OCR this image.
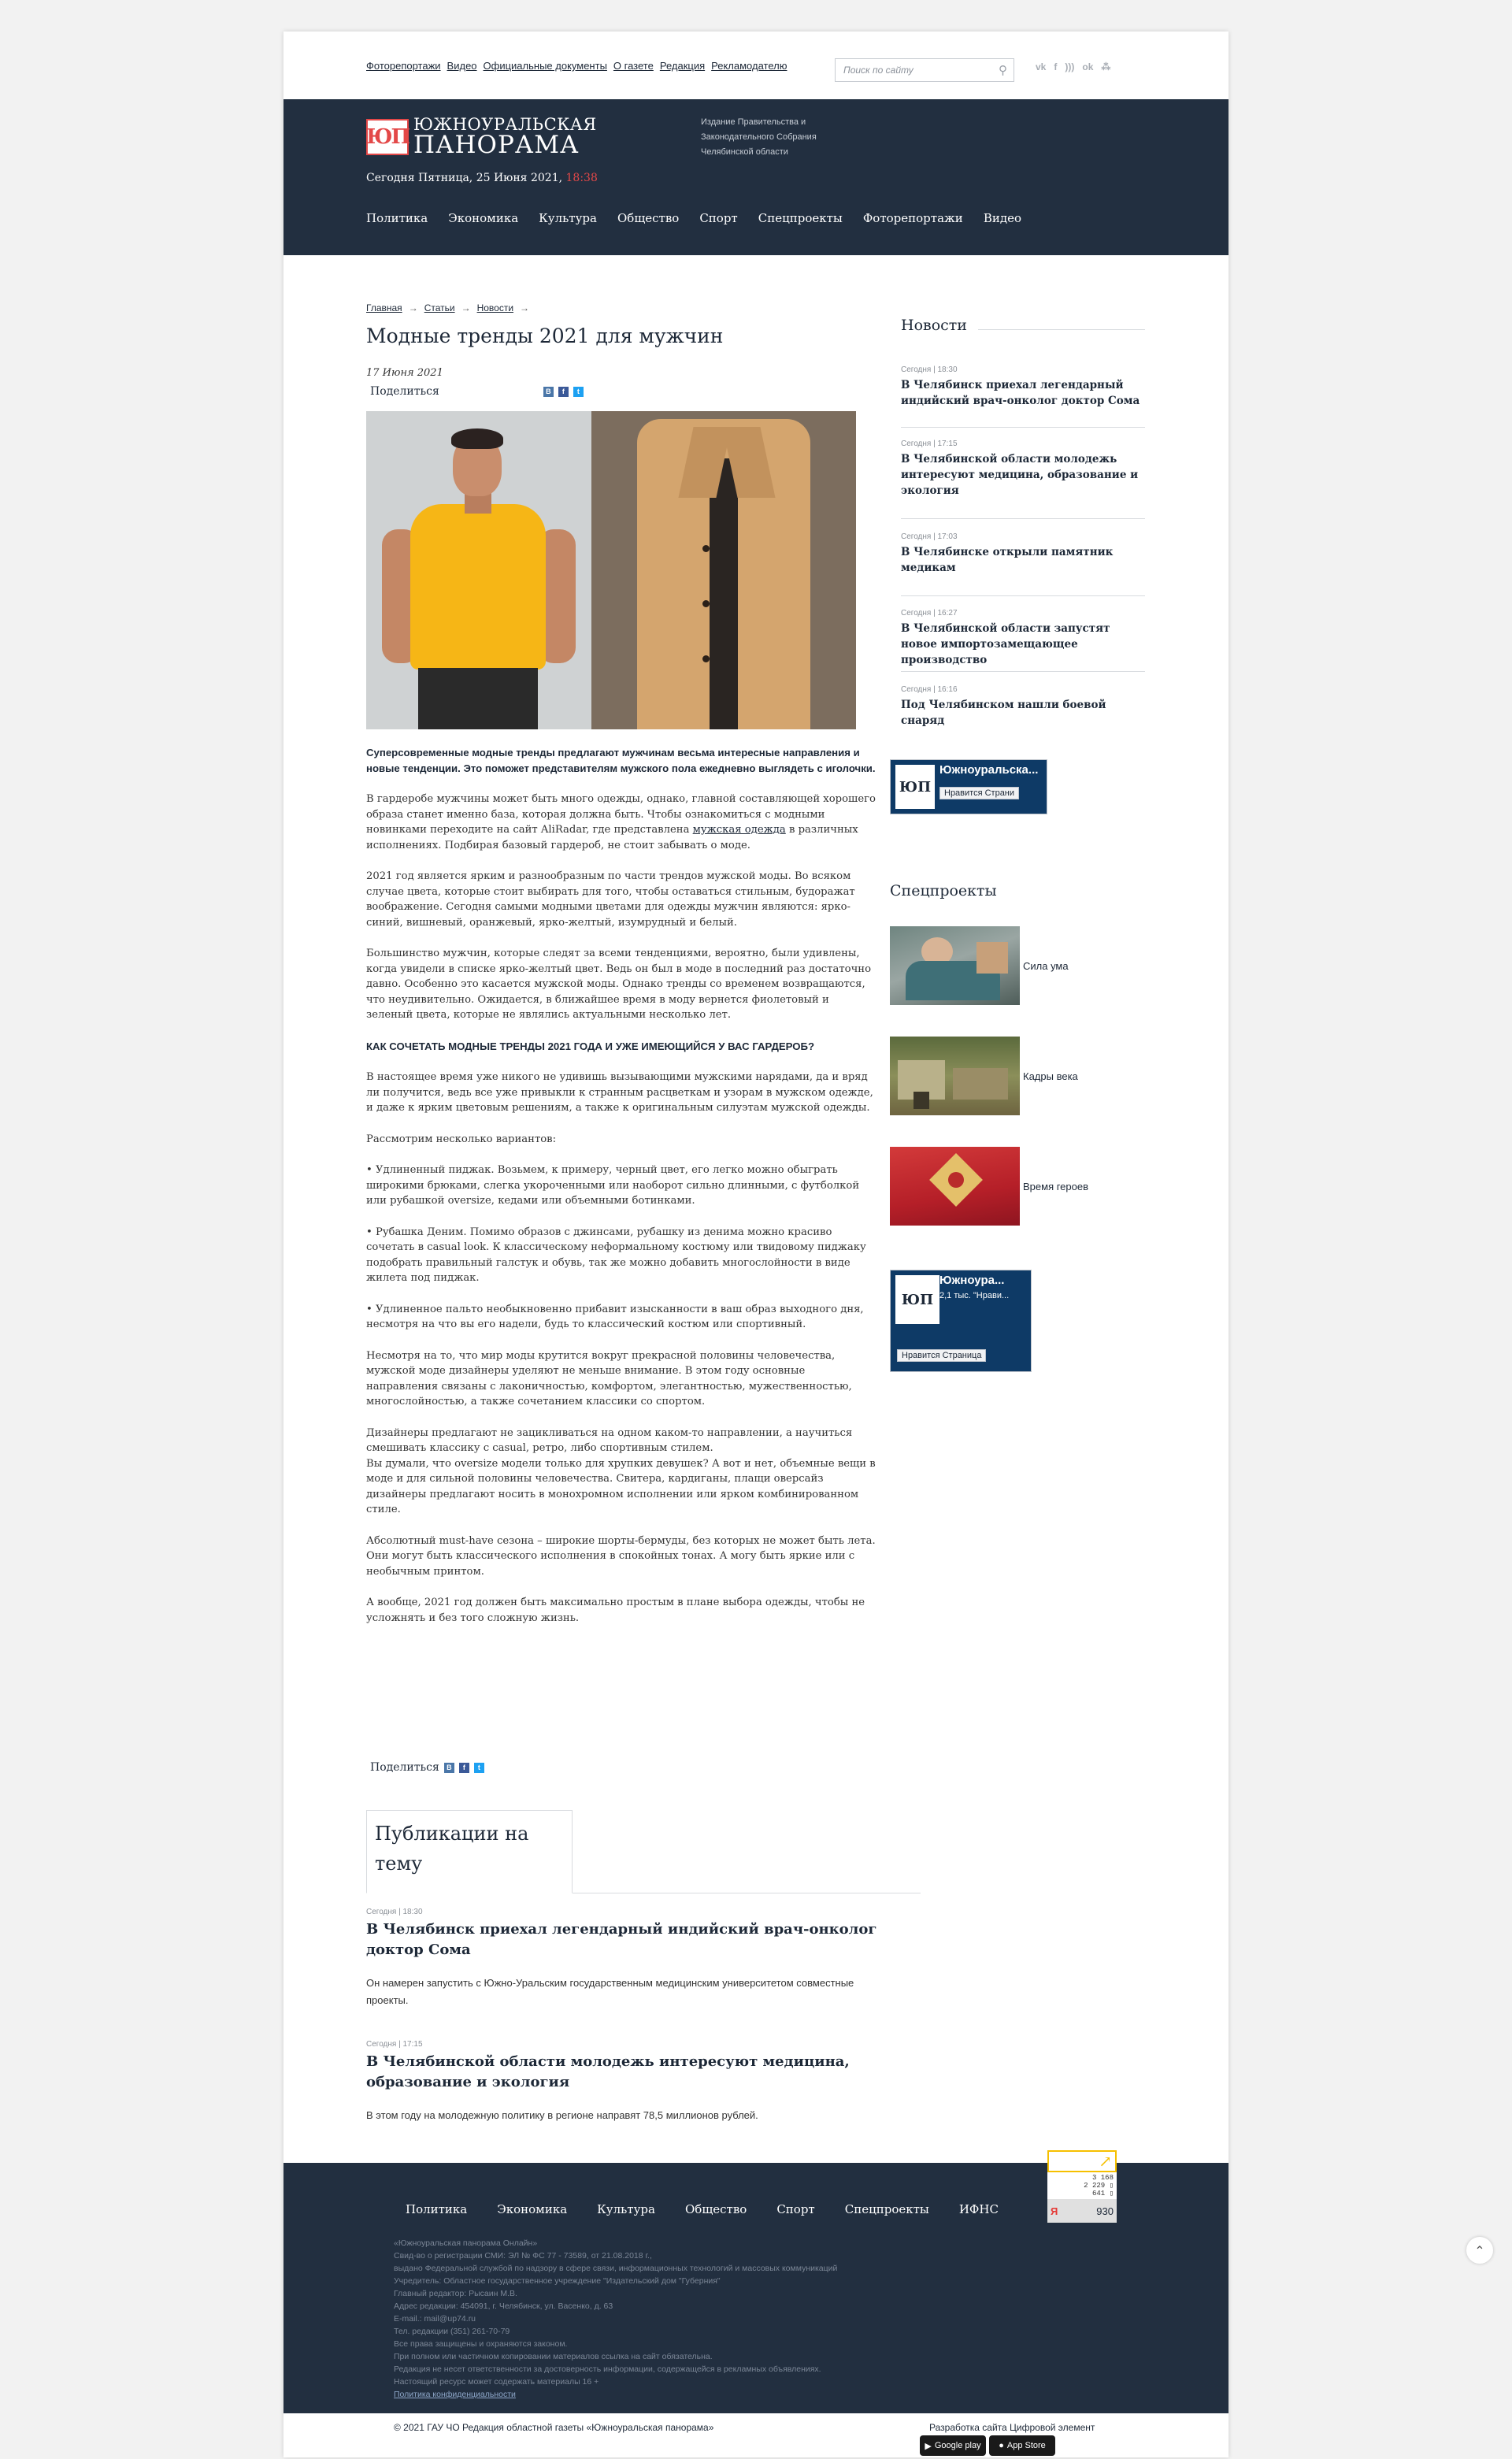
Фоторепортажи Видео Официальные документы О газете Редакция Рекламодателю	Поиск по сайту	⚲	vk f ))) ok ⁂
ЮП
ЮЖНОУРАЛЬСКАЯ
ПАНОРАМА
Издание Правительства и Законодательного Собрания Челябинской области
Сегодня Пятница, 25 Июня 2021, 18:38
Политика Экономика Культура Общество Спорт Спецпроекты Фоторепортажи Видео
Главная → Статьи → Новости →
Модные тренды 2021 для мужчин
17 Июня 2021
Поделиться	B	f	t

Суперсовременные модные тренды предлагают мужчинам весьма интересные направления и новые тенденции. Это поможет представителям мужского пола ежедневно выглядеть с иголочки.

В гардеробе мужчины может быть много одежды, однако, главной составляющей хорошего образа станет именно база, которая должна быть. Чтобы ознакомиться с модными новинками переходите на сайт AliRadar, где представлена мужская одежда в различных исполнениях. Подбирая базовый гардероб, не стоит забывать о моде.

2021 год является ярким и разнообразным по части трендов мужской моды. Во всяком случае цвета, которые стоит выбирать для того, чтобы оставаться стильным, будоражат воображение. Сегодня самыми модными цветами для одежды мужчин являются: ярко-синий, вишневый, оранжевый, ярко-желтый, изумрудный и белый.

Большинство мужчин, которые следят за всеми тенденциями, вероятно, были удивлены, когда увидели в списке ярко-желтый цвет. Ведь он был в моде в последний раз достаточно давно. Особенно это касается мужской моды. Однако тренды со временем возвращаются, что неудивительно. Ожидается, в ближайшее время в моду вернется фиолетовый и зеленый цвета, которые не являлись актуальными несколько лет.

КАК СОЧЕТАТЬ МОДНЫЕ ТРЕНДЫ 2021 ГОДА И УЖЕ ИМЕЮЩИЙСЯ У ВАС ГАРДЕРОБ?

В настоящее время уже никого не удивишь вызывающими мужскими нарядами, да и вряд ли получится, ведь все уже привыкли к странным расцветкам и узорам в мужском одежде, и даже к ярким цветовым решениям, а также к оригинальным силуэтам мужской одежды.

Рассмотрим несколько вариантов:

• Удлиненный пиджак. Возьмем, к примеру, черный цвет, его легко можно обыграть широкими брюками, слегка укороченными или наоборот сильно длинными, с футболкой или рубашкой oversize, кедами или объемными ботинками.

• Рубашка Деним. Помимо образов с джинсами, рубашку из денима можно красиво сочетать в casual look. К классическому неформальному костюму или твидовому пиджаку подобрать правильный галстук и обувь, так же можно добавить многослойности в виде жилета под пиджак.

• Удлиненное пальто необыкновенно прибавит изысканности в ваш образ выходного дня, несмотря на что вы его надели, будь то классический костюм или спортивный.

Несмотря на то, что мир моды крутится вокруг прекрасной половины человечества, мужской моде дизайнеры уделяют не меньше внимание. В этом году основные направления связаны с лаконичностью, комфортом, элегантностью, мужественностью, многослойностью, а также сочетанием классики со спортом.

Дизайнеры предлагают не зацикливаться на одном каком-то направлении, а научиться смешивать классику с casual, ретро, либо спортивным стилем.
Вы думали, что oversize модели только для хрупких девушек? А вот и нет, объемные вещи в моде и для сильной половины человечества. Свитера, кардиганы, плащи оверсайз дизайнеры предлагают носить в монохромном исполнении или ярком комбинированном стиле.

Абсолютный must-have сезона – широкие шорты-бермуды, без которых не может быть лета. Они могут быть классического исполнения в спокойных тонах. А могу быть яркие или с необычным принтом.

А вообще, 2021 год должен быть максимально простым в плане выбора одежды, чтобы не усложнять и без того сложную жизнь.

Поделиться	B	f	t
Публикации на тему
Сегодня | 18:30
В Челябинск приехал легендарный индийский врач-онколог доктор Сома
Он намерен запустить с Южно-Уральским государственным медицинским университетом совместные проекты.
Сегодня | 17:15
В Челябинской области молодежь интересуют медицина, образование и экология
В этом году на молодежную политику в регионе направят 78,5 миллионов рублей.
Новости
Сегодня | 18:30
В Челябинск приехал легендарный индийский врач-онколог доктор Сома
Сегодня | 17:15
В Челябинской области молодежь интересуют медицина, образование и экология
Сегодня | 17:03
В Челябинске открыли памятник медикам
Сегодня | 16:27
В Челябинской области запустят новое импортозамещающее производство
Сегодня | 16:16
Под Челябинском нашли боевой снаряд
ЮП
Южноуральска...
Нравится Страни
Спецпроекты
Сила ума
Кадры века
Время героев
ЮП
Южноура...
2,1 тыс. "Нрави...
Нравится Страница
Политика	Экономика	Культура	Общество	Спорт	Спецпроекты	ИФНС
«Южноуральская панорама Онлайн»
Свид-во о регистрации СМИ: ЭЛ № ФС 77 - 73589, от 21.08.2018 г.,
выдано Федеральной службой по надзору в сфере связи, информационных технологий и массовых коммуникаций
Учредитель: Областное государственное учреждение "Издательский дом "Губерния"
Главный редактор: Рысаин М.В.
Адрес редакции: 454091, г. Челябинск, ул. Васенко, д. 63
E-mail.: mail@up74.ru
Тел. редакции (351) 261-70-79
Все права защищены и охраняются законом.
При полном или частичном копировании материалов ссылка на сайт обязательна.
Редакция не несет ответственности за достоверность информации, содержащейся в рекламных объявлениях.
Настоящий ресурс может содержать материалы 16 +
Политика конфиденциальности
↗
3 168
2 229 ▯
641 ▯
Я	930
© 2021 ГАУ ЧО Редакция областной газеты «Южноуральская панорама»	Разработка сайта Цифровой элемент
▶ Google play ● App Store
⌃
